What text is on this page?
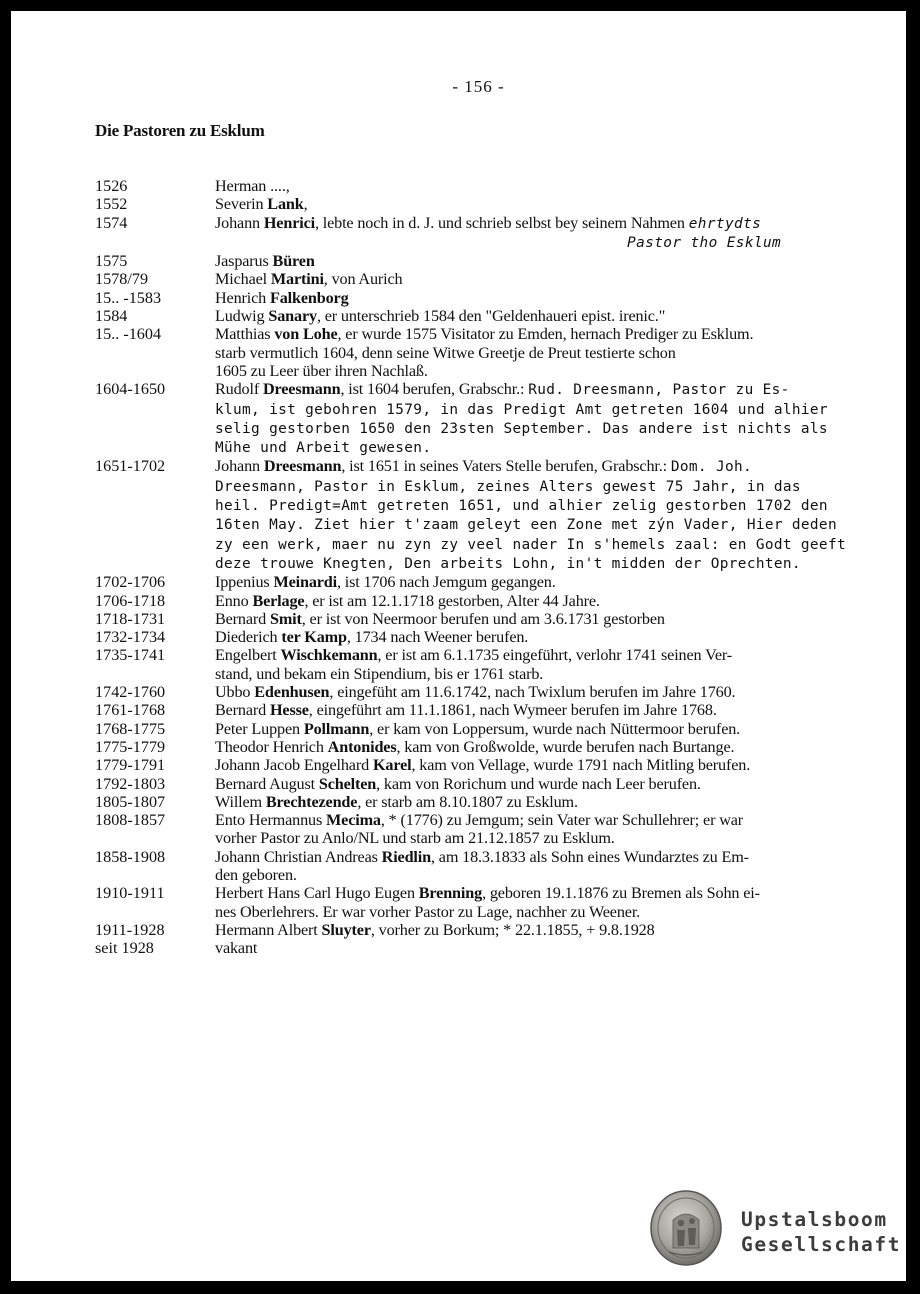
- 156 -
Die Pastoren zu Esklum
1526	Herman ....,
1552	Severin Lank,
1574	Johann Henrici, lebte noch in d. J. und schrieb selbst bey seinem Nahmen ehrtydts
Pastor tho Esklum
1575	Jasparus Büren
1578/79	Michael Martini, von Aurich
15.. -1583	Henrich Falkenborg
1584	Ludwig Sanary, er unterschrieb 1584 den "Geldenhaueri epist. irenic."
15.. -1604	Matthias von Lohe, er wurde 1575 Visitator zu Emden, hernach Prediger zu Esklum.
starb vermutlich 1604, denn seine Witwe Greetje de Preut testierte schon
1605 zu Leer über ihren Nachlaß.
1604-1650	Rudolf Dreesmann, ist 1604 berufen, Grabschr.: Rud. Dreesmann, Pastor zu Es-
klum, ist gebohren 1579, in das Predigt Amt getreten 1604 und alhier
selig gestorben 1650 den 23sten September. Das andere ist nichts als
Mühe und Arbeit gewesen.
1651-1702	Johann Dreesmann, ist 1651 in seines Vaters Stelle berufen, Grabschr.: Dom. Joh.
Dreesmann, Pastor in Esklum, zeines Alters gewest 75 Jahr, in das
heil. Predigt=Amt getreten 1651, und alhier zelig gestorben 1702 den
16ten May. Ziet hier t'zaam geleyt een Zone met zýn Vader, Hier deden
zy een werk, maer nu zyn zy veel nader In s'hemels zaal: en Godt geeft
deze trouwe Knegten, Den arbeits Lohn, in't midden der Oprechten.
1702-1706	Ippenius Meinardi, ist 1706 nach Jemgum gegangen.
1706-1718	Enno Berlage, er ist am 12.1.1718 gestorben, Alter 44 Jahre.
1718-1731	Bernard Smit, er ist von Neermoor berufen und am 3.6.1731 gestorben
1732-1734	Diederich ter Kamp, 1734 nach Weener berufen.
1735-1741	Engelbert Wischkemann, er ist am 6.1.1735 eingeführt, verlohr 1741 seinen Ver-
stand, und bekam ein Stipendium, bis er 1761 starb.
1742-1760	Ubbo Edenhusen, eingefüht am 11.6.1742, nach Twixlum berufen im Jahre 1760.
1761-1768	Bernard Hesse, eingeführt am 11.1.1861, nach Wymeer berufen im Jahre 1768.
1768-1775	Peter Luppen Pollmann, er kam von Loppersum, wurde nach Nüttermoor berufen.
1775-1779	Theodor Henrich Antonides, kam von Großwolde, wurde berufen nach Burtange.
1779-1791	Johann Jacob Engelhard Karel, kam von Vellage, wurde 1791 nach Mitling berufen.
1792-1803	Bernard August Schelten, kam von Rorichum und wurde nach Leer berufen.
1805-1807	Willem Brechtezende, er starb am 8.10.1807 zu Esklum.
1808-1857	Ento Hermannus Mecima, * (1776) zu Jemgum; sein Vater war Schullehrer; er war
vorher Pastor zu Anlo/NL und starb am 21.12.1857 zu Esklum.
1858-1908	Johann Christian Andreas Riedlin, am 18.3.1833 als Sohn eines Wundarztes zu Em-
den geboren.
1910-1911	Herbert Hans Carl Hugo Eugen Brenning, geboren 19.1.1876 zu Bremen als Sohn ei-
nes Oberlehrers. Er war vorher Pastor zu Lage, nachher zu Weener.
1911-1928	Hermann Albert Sluyter, vorher zu Borkum; * 22.1.1855, + 9.8.1928
seit 1928	vakant
Upstalsboom
Gesellschaft
